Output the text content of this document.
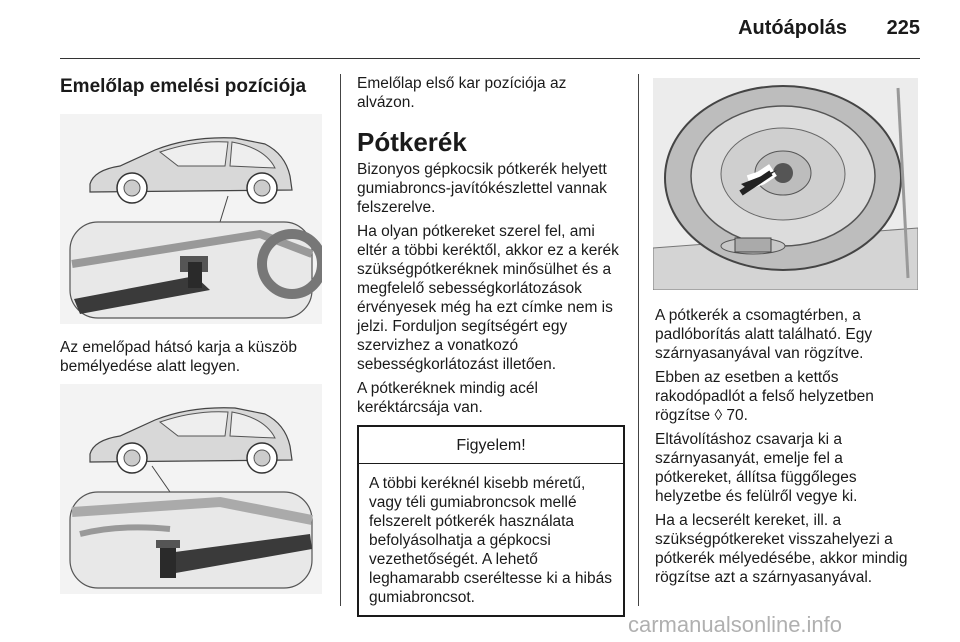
Autóápolás 225
Emelőlap emelési pozíciója

Az emelőpad hátsó karja a küszöb bemélyedése alatt legyen.

Emelőlap első kar pozíciója az alvázon.

Pótkerék

Bizonyos gépkocsik pótkerék helyett gumiabroncs-javítókészlettel vannak felszerelve.

Ha olyan pótkereket szerel fel, ami eltér a többi keréktől, akkor ez a kerék szükségpótkeréknek minősülhet és a megfelelő sebességkorlátozások érvényesek még ha ezt címke nem is jelzi. Forduljon segítségért egy szervizhez a vonatkozó sebességkorlátozást illetően.

A pótkeréknek mindig acél keréktárcsája van.

Figyelem!
A többi keréknél kisebb méretű, vagy téli gumiabroncsok mellé felszerelt pótkerék használata befolyásolhatja a gépkocsi vezethetőségét. A lehető leghamarabb cseréltesse ki a hibás gumiabroncsot.

A pótkerék a csomagtérben, a padlóborítás alatt található. Egy szárnyasanyával van rögzítve.

Ebben az esetben a kettős rakodópadlót a felső helyzetben rögzítse ◊ 70.

Eltávolításhoz csavarja ki a szárnyasanyát, emelje fel a pótkereket, állítsa függőleges helyzetbe és felülről vegye ki.

Ha a lecserélt kereket, ill. a szükségpótkereket visszahelyezi a pótkerék mélyedésébe, akkor mindig rögzítse azt a szárnyasanyával.

carmanualsonline.info
